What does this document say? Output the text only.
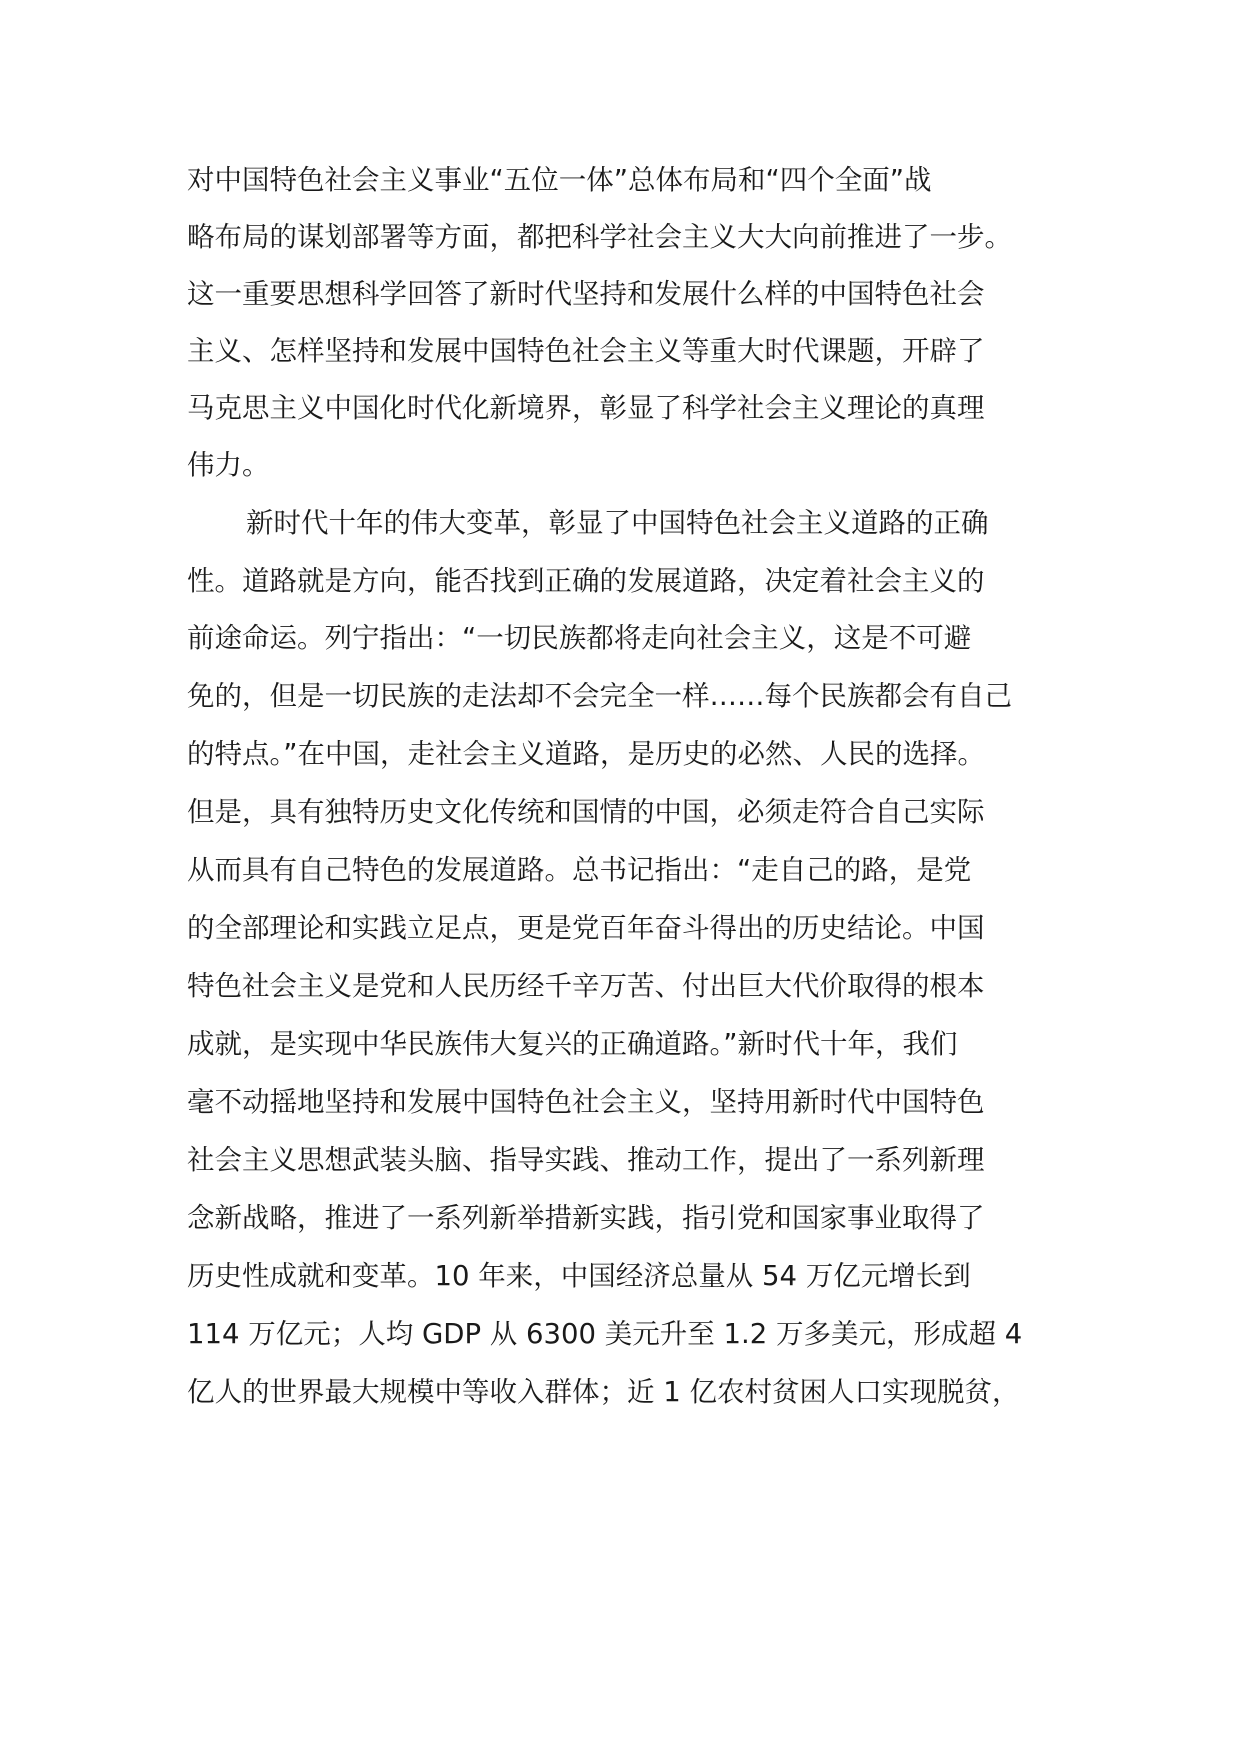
对中国特色社会主义事业“五位一体”总体布局和“四个全面”战
略布局的谋划部署等方面，都把科学社会主义大大向前推进了一步。
这一重要思想科学回答了新时代坚持和发展什么样的中国特色社会
主义、怎样坚持和发展中国特色社会主义等重大时代课题，开辟了
马克思主义中国化时代化新境界，彰显了科学社会主义理论的真理
伟力。
新时代十年的伟大变革，彰显了中国特色社会主义道路的正确
性。道路就是方向，能否找到正确的发展道路，决定着社会主义的
前途命运。列宁指出：“一切民族都将走向社会主义，这是不可避
免的，但是一切民族的走法却不会完全一样……每个民族都会有自己
的特点。”在中国，走社会主义道路，是历史的必然、人民的选择。
但是，具有独特历史文化传统和国情的中国，必须走符合自己实际
从而具有自己特色的发展道路。总书记指出：“走自己的路，是党
的全部理论和实践立足点，更是党百年奋斗得出的历史结论。中国
特色社会主义是党和人民历经千辛万苦、付出巨大代价取得的根本
成就，是实现中华民族伟大复兴的正确道路。”新时代十年，我们
毫不动摇地坚持和发展中国特色社会主义，坚持用新时代中国特色
社会主义思想武装头脑、指导实践、推动工作，提出了一系列新理
念新战略，推进了一系列新举措新实践，指引党和国家事业取得了
历史性成就和变革。10 年来，中国经济总量从 54 万亿元增长到
114 万亿元；人均 GDP 从 6300 美元升至 1.2 万多美元，形成超 4
亿人的世界最大规模中等收入群体；近 1 亿农村贫困人口实现脱贫，
